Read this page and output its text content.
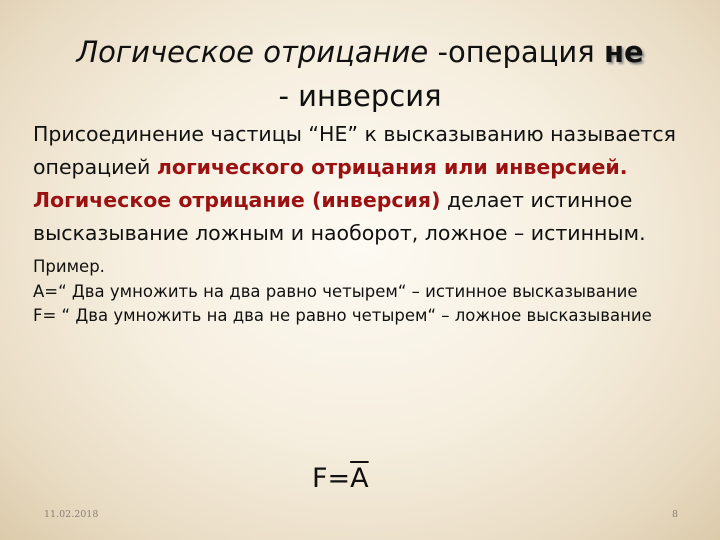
Логическое отрицание -операция не
- инверсия
Присоединение частицы “НЕ” к высказыванию называется операцией логического отрицания или инверсией.
Логическое отрицание (инверсия) делает истинное высказывание ложным и наоборот, ложное – истинным.
Пример.
А=“ Два умножить на два равно четырем“ – истинное высказывание
F= “ Два умножить на два не равно четырем“ – ложное высказывание
$F=\overline{A}$
11.02.2018	8
